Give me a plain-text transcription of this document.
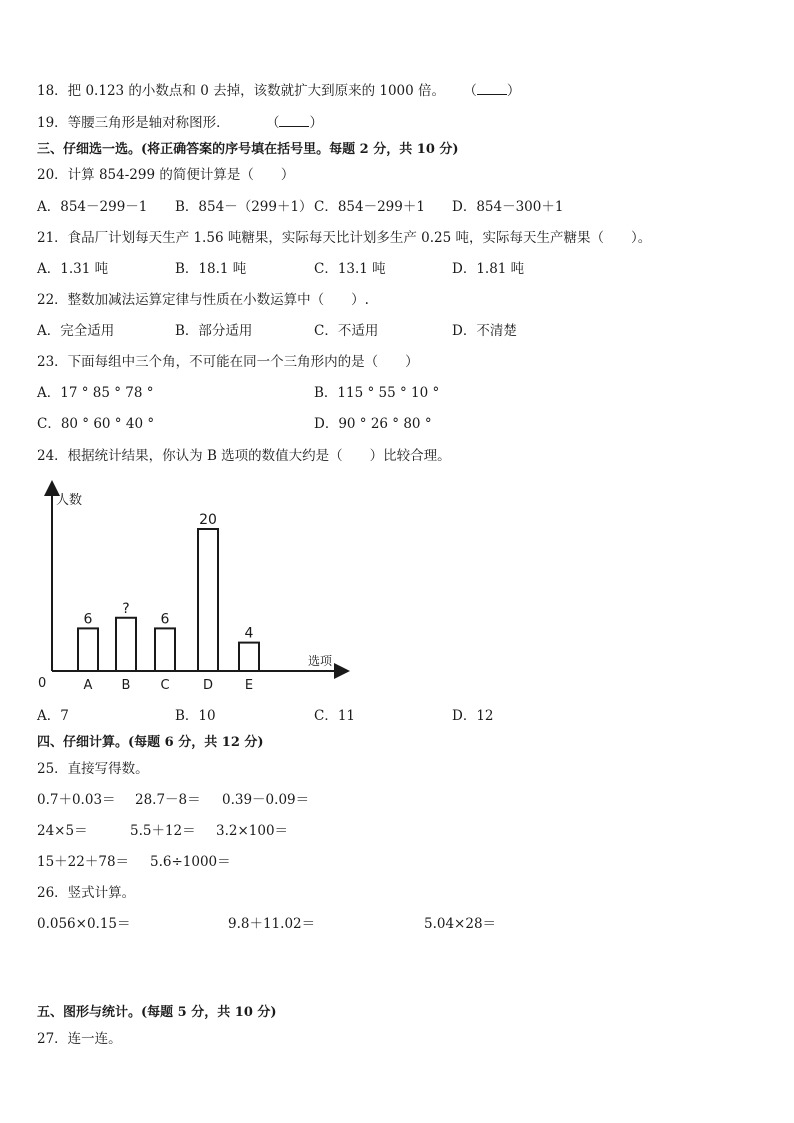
18．把 0.123 的小数点和 0 去掉，该数就扩大到原来的 1000 倍。 （ ）
19．等腰三角形是轴对称图形．	（ ）
三、仔细选一选。(将正确答案的序号填在括号里。每题 2 分，共 10 分)
20．计算 854-299 的简便计算是（　　）
A．854－299－1 B．854－（299＋1） C．854－299＋1 D．854－300＋1
21．食品厂计划每天生产 1.56 吨糖果，实际每天比计划多生产 0.25 吨，实际每天生产糖果（　　）。
A．1.31 吨	B．18.1 吨	C．13.1 吨	D．1.81 吨
22．整数加减法运算定律与性质在小数运算中（　　）.
A．完全适用	B．部分适用	C．不适用	D．不清楚
23．下面每组中三个角，不可能在同一个三角形内的是（　　）
A．17 ° 85 ° 78 °	B．115 ° 55 ° 10 °
C．80 ° 60 ° 40 °	D．90 ° 26 ° 80 °
24．根据统计结果，你认为 B 选项的数值大约是（　　）比较合理。
6
A
?
B
6
C
20
D
4
E
人数
选项
0
A．7	B．10	C．11	D．12
四、仔细计算。(每题 6 分，共 12 分)
25．直接写得数。
0.7＋0.03＝ 28.7－8＝ 0.39－0.09＝
24×5＝	5.5＋12＝ 3.2×100＝
15＋22＋78＝ 5.6÷1000＝
26．竖式计算。
0.056×0.15＝	9.8＋11.02＝	5.04×28＝
五、图形与统计。(每题 5 分，共 10 分)
27．连一连。
